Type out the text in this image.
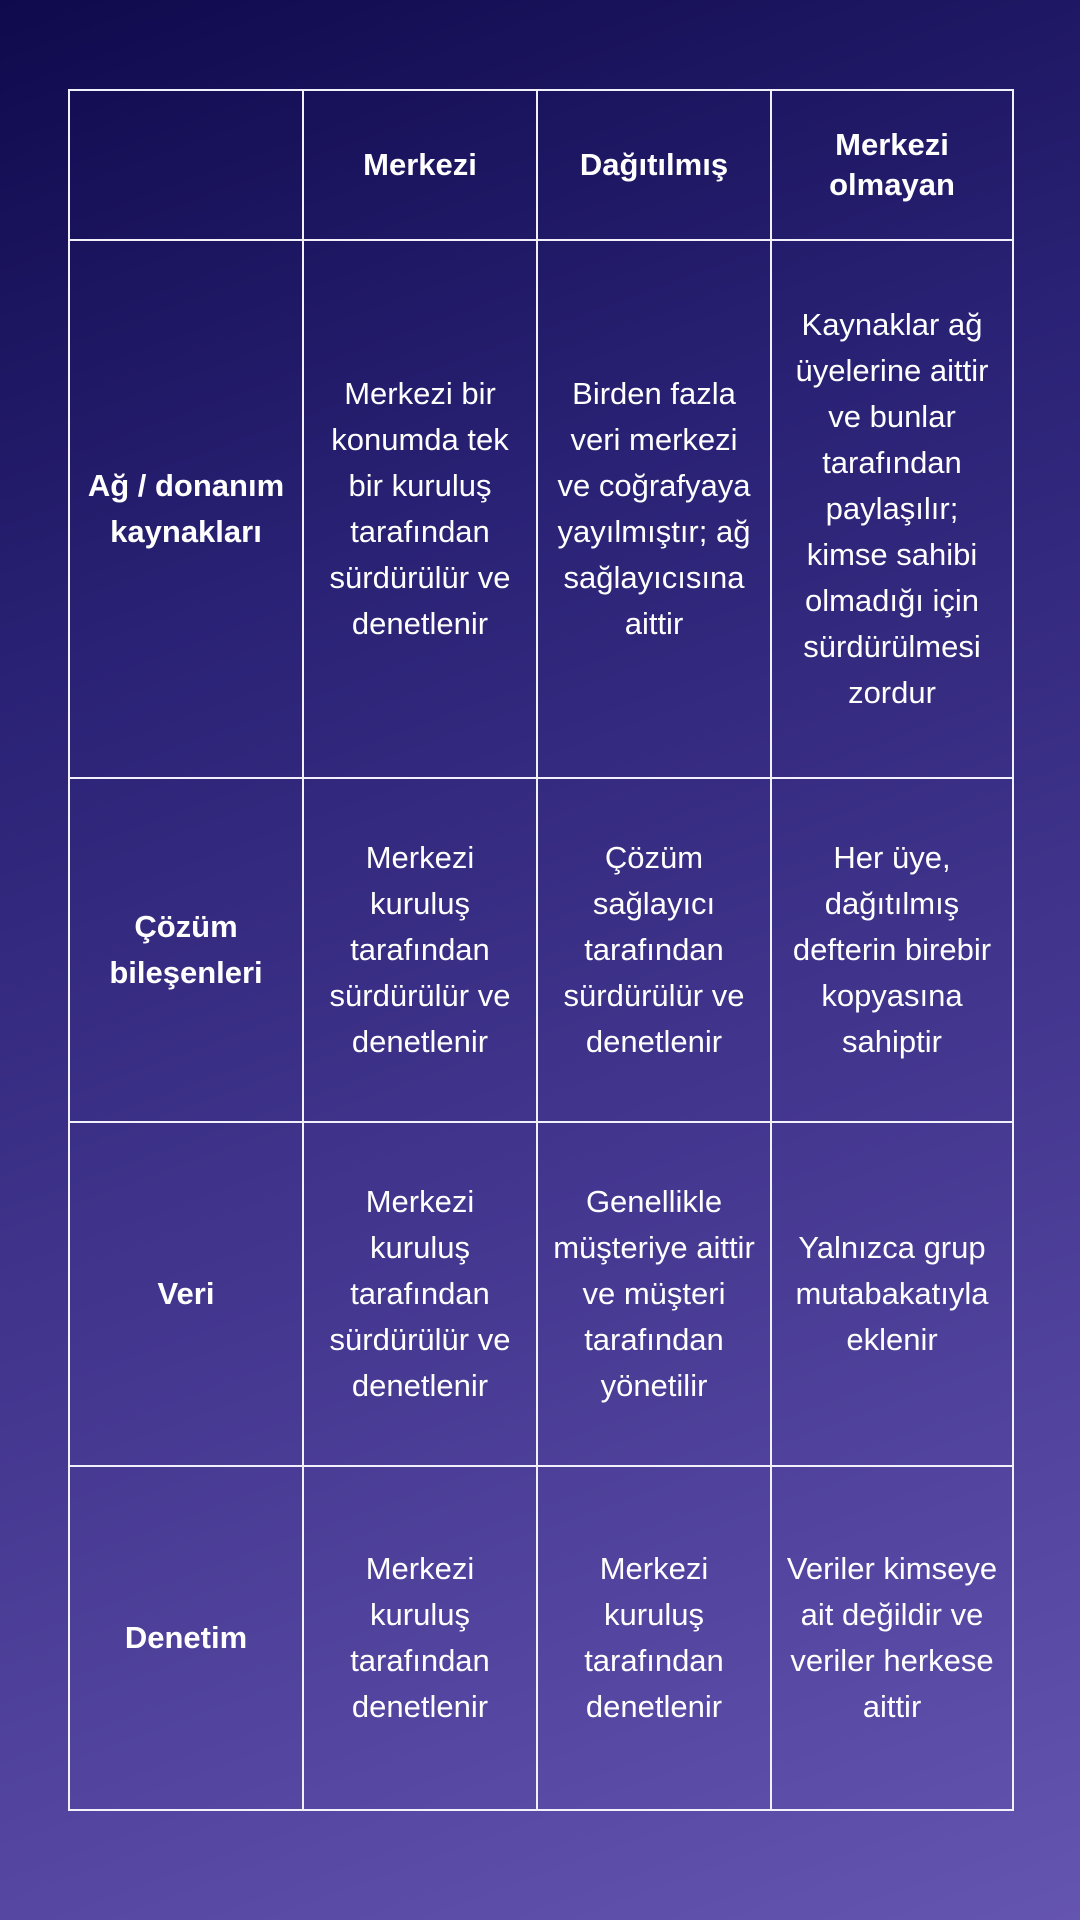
	Merkezi	Dağıtılmış	Merkezi olmayan
Ağ / donanım kaynakları	Merkezi bir konumda tek bir kuruluş tarafından sürdürülür ve denetlenir	Birden fazla veri merkezi ve coğrafyaya yayılmıştır; ağ sağlayıcısına aittir	Kaynaklar ağ üyelerine aittir ve bunlar tarafından paylaşılır; kimse sahibi olmadığı için sürdürülmesi zordur
Çözüm bileşenleri	Merkezi kuruluş tarafından sürdürülür ve denetlenir	Çözüm sağlayıcı tarafından sürdürülür ve denetlenir	Her üye, dağıtılmış defterin birebir kopyasına sahiptir
Veri	Merkezi kuruluş tarafından sürdürülür ve denetlenir	Genellikle müşteriye aittir ve müşteri tarafından yönetilir	Yalnızca grup mutabakatıyla eklenir
Denetim	Merkezi kuruluş tarafından denetlenir	Merkezi kuruluş tarafından denetlenir	Veriler kimseye ait değildir ve veriler herkese aittir
